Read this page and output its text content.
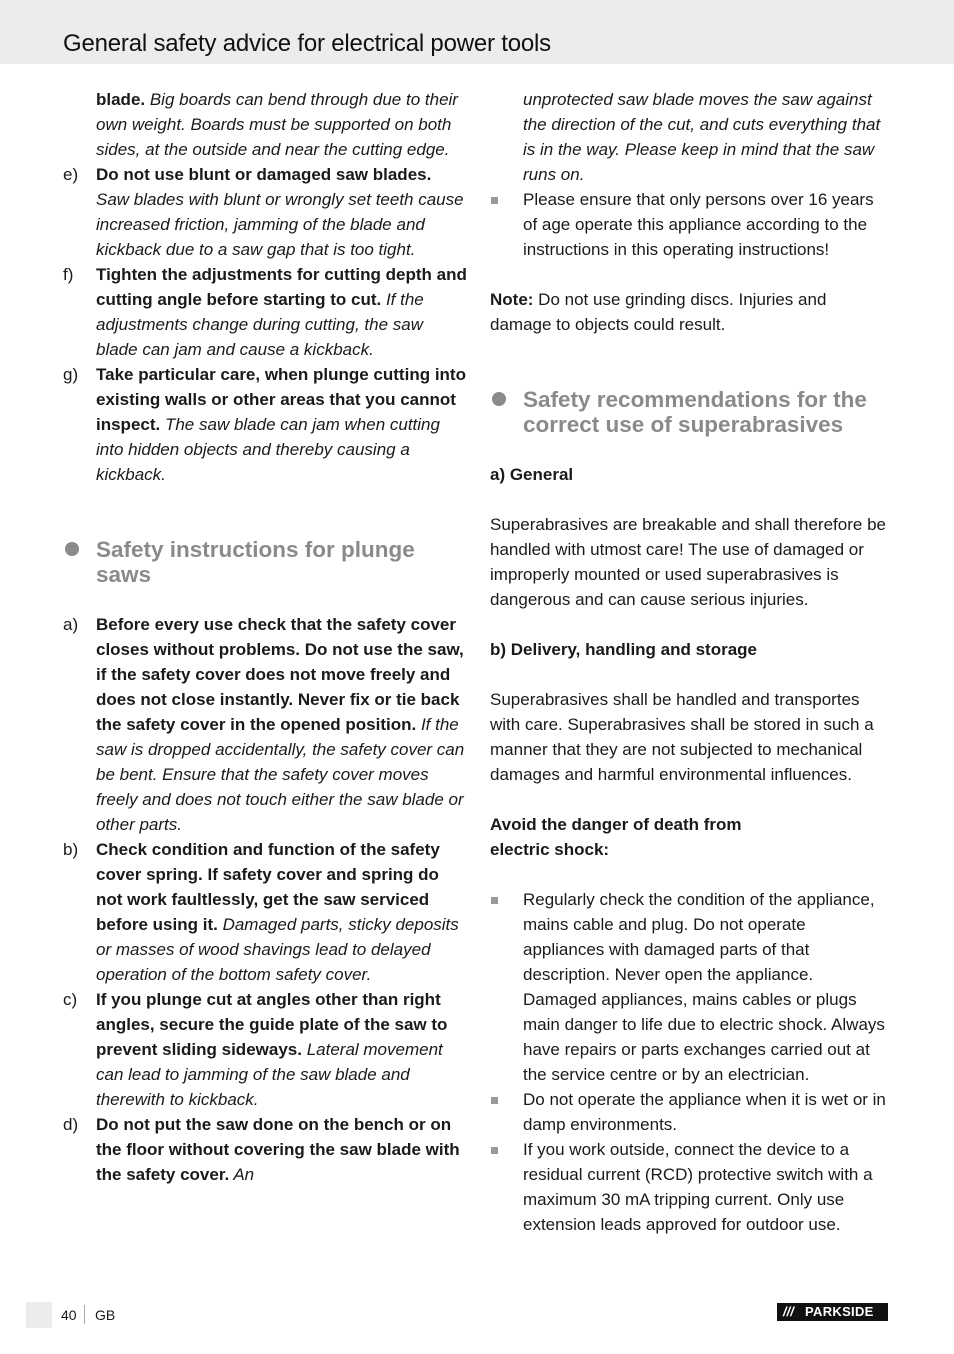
General safety advice for electrical power tools
blade. Big boards can bend through due to their own weight. Boards must be supported on both sides, at the outside and near the cutting edge.
e) Do not use blunt or damaged saw blades. Saw blades with blunt or wrongly set teeth cause increased friction, jamming of the blade and kickback due to a saw gap that is too tight.
f) Tighten the adjustments for cutting depth and cutting angle before starting to cut. If the adjustments change during cutting, the saw blade can jam and cause a kickback.
g) Take particular care, when plunge cutting into existing walls or other areas that you cannot inspect. The saw blade can jam when cutting into hidden objects and thereby causing a kickback.
Safety instructions for plunge saws
a) Before every use check that the safety cover closes without problems. Do not use the saw, if the safety cover does not move freely and does not close instantly. Never fix or tie back the safety cover in the opened position. If the saw is dropped accidentally, the safety cover can be bent. Ensure that the safety cover moves freely and does not touch either the saw blade or other parts.
b) Check condition and function of the safety cover spring. If safety cover and spring do not work faultlessly, get the saw serviced before using it. Damaged parts, sticky deposits or masses of wood shavings lead to delayed operation of the bottom safety cover.
c) If you plunge cut at angles other than right angles, secure the guide plate of the saw to prevent sliding sideways. Lateral movement can lead to jamming of the saw blade and therewith to kickback.
d) Do not put the saw done on the bench or on the floor without covering the saw blade with the safety cover. An
unprotected saw blade moves the saw against the direction of the cut, and cuts everything that is in the way. Please keep in mind that the saw runs on.
Please ensure that only persons over 16 years of age operate this appliance according to the instructions in this operating instructions!
Note: Do not use grinding discs. Injuries and damage to objects could result.
Safety recommendations for the correct use of superabrasives
a) General
Superabrasives are breakable and shall therefore be handled with utmost care! The use of damaged or improperly mounted or used superabrasives is dangerous and can cause serious injuries.
b) Delivery, handling and storage
Superabrasives shall be handled and transportes with care. Superabrasives shall be stored in such a manner that they are not subjected to mechanical damages and harmful environmental influences.
Avoid the danger of death from electric shock:
Regularly check the condition of the appliance, mains cable and plug. Do not operate appliances with damaged parts of that description. Never open the appliance. Damaged appliances, mains cables or plugs main danger to life due to electric shock. Always have repairs or parts exchanges carried out at the service centre or by an electrician.
Do not operate the appliance when it is wet or in damp environments.
If you work outside, connect the device to a residual current (RCD) protective switch with a maximum 30 mA tripping current. Only use extension leads approved for outdoor use.
40 GB	/// PARKSIDE
